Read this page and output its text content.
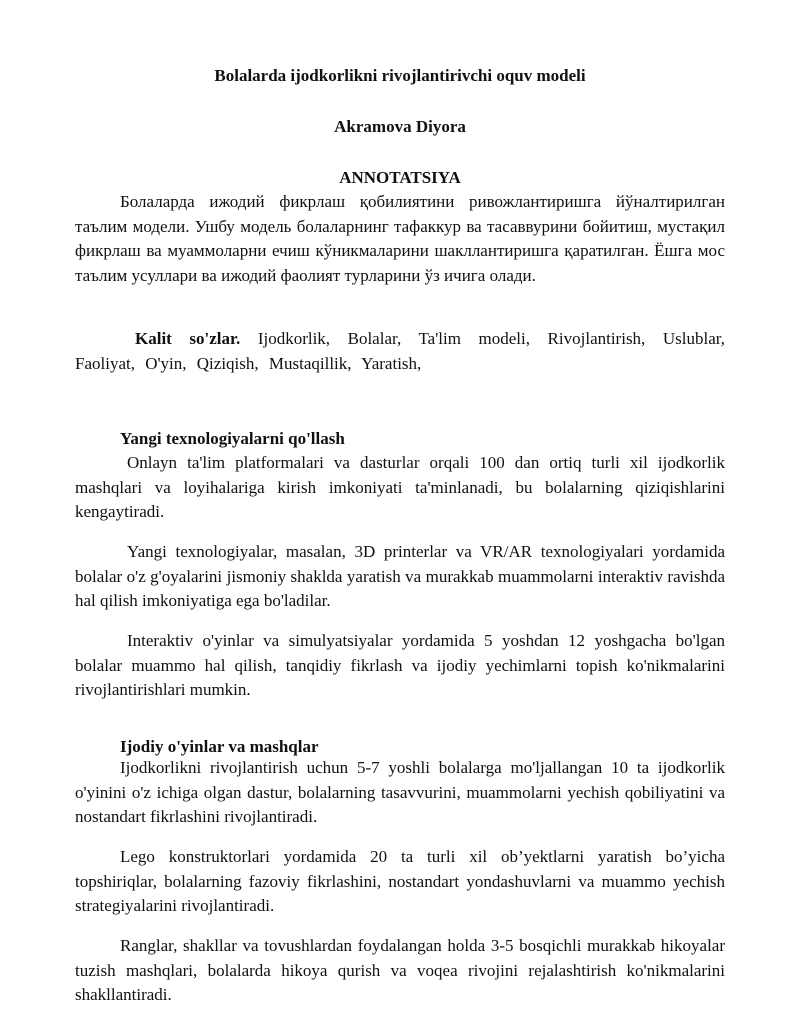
Bolalarda ijodkorlikni rivojlantirivchi oquv modeli

Akramova Diyora

ANNOTATSIYA

Болаларда ижодий фикрлаш қобилиятини ривожлантиришга йўналтирилган таълим модели. Ушбу модель болаларнинг тафаккур ва тасаввурини бойитиш, мустақил фикрлаш ва муаммоларни ечиш кўникмаларини шакллантиришга қаратилган. Ёшга мос таълим усуллари ва ижодий фаолият турларини ўз ичига олади.

Kalit so'zlar. Ijodkorlik, Bolalar, Ta'lim modeli, Rivojlantirish, Uslublar, Faoliyat, O'yin, Qiziqish, Mustaqillik, Yaratish,

Yangi texnologiyalarni qo'llash

Onlayn ta'lim platformalari va dasturlar orqali 100 dan ortiq turli xil ijodkorlik mashqlari va loyihalariga kirish imkoniyati ta'minlanadi, bu bolalarning qiziqishlarini kengaytiradi.

Yangi texnologiyalar, masalan, 3D printerlar va VR/AR texnologiyalari yordamida bolalar o'z g'oyalarini jismoniy shaklda yaratish va murakkab muammolarni interaktiv ravishda hal qilish imkoniyatiga ega bo'ladilar.

Interaktiv o'yinlar va simulyatsiyalar yordamida 5 yoshdan 12 yoshgacha bo'lgan bolalar muammo hal qilish, tanqidiy fikrlash va ijodiy yechimlarni topish ko'nikmalarini rivojlantirishlari mumkin.

Ijodiy o'yinlar va mashqlar

Ijodkorlikni rivojlantirish uchun 5-7 yoshli bolalarga mo'ljallangan 10 ta ijodkorlik o'yinini o'z ichiga olgan dastur, bolalarning tasavvurini, muammolarni yechish qobiliyatini va nostandart fikrlashini rivojlantiradi.

Lego konstruktorlari yordamida 20 ta turli xil ob’yektlarni yaratish bo’yicha topshiriqlar, bolalarning fazoviy fikrlashini, nostandart yondashuvlarni va muammo yechish strategiyalarini rivojlantiradi.

Ranglar, shakllar va tovushlardan foydalangan holda 3-5 bosqichli murakkab hikoyalar tuzish mashqlari, bolalarda hikoya qurish va voqea rivojini rejalashtirish ko'nikmalarini shakllantiradi.
